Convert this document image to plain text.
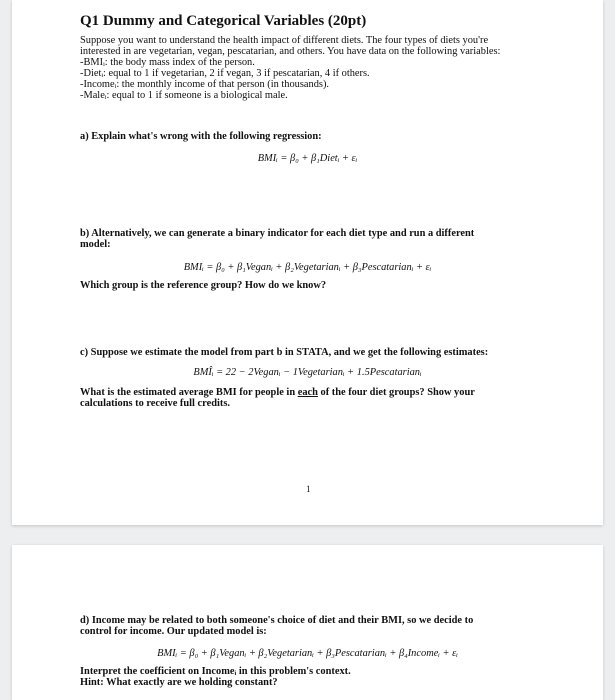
Q1 Dummy and Categorical Variables (20pt)
Suppose you want to understand the health impact of different diets. The four types of diets you're
interested in are vegetarian, vegan, pescatarian, and others. You have data on the following variables:
-BMIᵢ: the body mass index of the person.
-Dietᵢ: equal to 1 if vegetarian, 2 if vegan, 3 if pescatarian, 4 if others.
-Incomeᵢ: the monthly income of that person (in thousands).
-Maleᵢ: equal to 1 if someone is a biological male.
a) Explain what's wrong with the following regression:
BMIᵢ = β₀ + β₁Dietᵢ + εᵢ
b) Alternatively, we can generate a binary indicator for each diet type and run a different
model:
BMIᵢ = β₀ + β₁Veganᵢ + β₂Vegetarianᵢ + β₃Pescatarianᵢ + εᵢ
Which group is the reference group? How do we know?
c) Suppose we estimate the model from part b in STATA, and we get the following estimates:
BMÎᵢ = 22 − 2Veganᵢ − 1Vegetarianᵢ + 1.5Pescatarianᵢ
What is the estimated average BMI for people in each of the four diet groups? Show your
calculations to receive full credits.
1
d) Income may be related to both someone's choice of diet and their BMI, so we decide to
control for income. Our updated model is:
BMIᵢ = β₀ + β₁Veganᵢ + β₂Vegetarianᵢ + β₃Pescatarianᵢ + β₄Incomeᵢ + εᵢ
Interpret the coefficient on Incomeᵢ in this problem's context.
Hint: What exactly are we holding constant?
